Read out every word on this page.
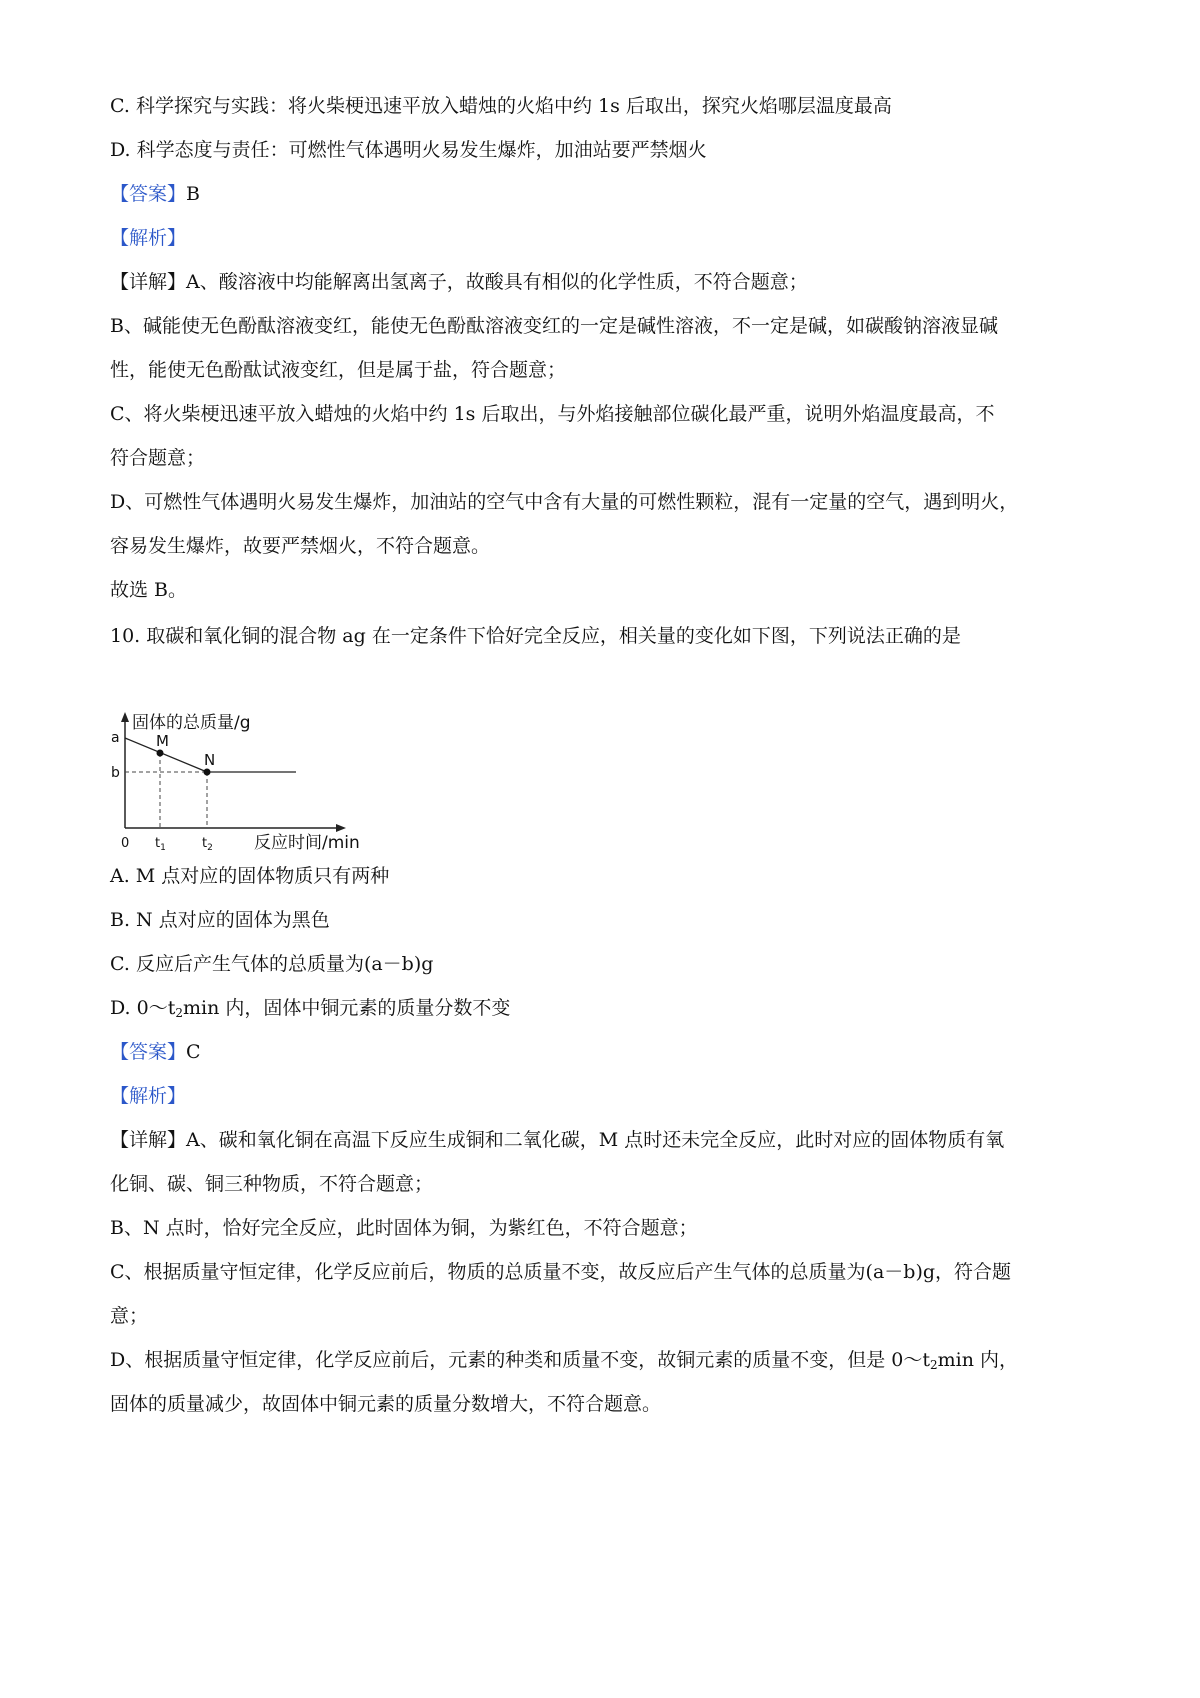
C. 科学探究与实践：将火柴梗迅速平放入蜡烛的火焰中约 1s 后取出，探究火焰哪层温度最高
D. 科学态度与责任：可燃性气体遇明火易发生爆炸，加油站要严禁烟火
【答案】B
【解析】
【详解】A、酸溶液中均能解离出氢离子，故酸具有相似的化学性质，不符合题意；
B、碱能使无色酚酞溶液变红，能使无色酚酞溶液变红的一定是碱性溶液，不一定是碱，如碳酸钠溶液显碱
性，能使无色酚酞试液变红，但是属于盐，符合题意；
C、将火柴梗迅速平放入蜡烛的火焰中约 1s 后取出，与外焰接触部位碳化最严重，说明外焰温度最高，不
符合题意；
D、可燃性气体遇明火易发生爆炸，加油站的空气中含有大量的可燃性颗粒，混有一定量的空气，遇到明火，
容易发生爆炸，故要严禁烟火，不符合题意。
故选 B。
10. 取碳和氧化铜的混合物 ag 在一定条件下恰好完全反应，相关量的变化如下图，下列说法正确的是
固体的总质量/g
a
b
M
N
0 $t_1$	$t_2$ 反应时间/min
A. M 点对应的固体物质只有两种
B. N 点对应的固体为黑色
C. 反应后产生气体的总质量为(a－b)g
D. $0\sim t_2\min$ 内，固体中铜元素的质量分数不变
【答案】C
【解析】
【详解】A、碳和氧化铜在高温下反应生成铜和二氧化碳，M 点时还未完全反应，此时对应的固体物质有氧
化铜、碳、铜三种物质，不符合题意；
B、N 点时，恰好完全反应，此时固体为铜，为紫红色，不符合题意；
C、根据质量守恒定律，化学反应前后，物质的总质量不变，故反应后产生气体的总质量为(a－b)g，符合题
意；
D、根据质量守恒定律，化学反应前后，元素的种类和质量不变，故铜元素的质量不变，但是 $0\sim t_2\min$ 内，
固体的质量减少，故固体中铜元素的质量分数增大，不符合题意。
